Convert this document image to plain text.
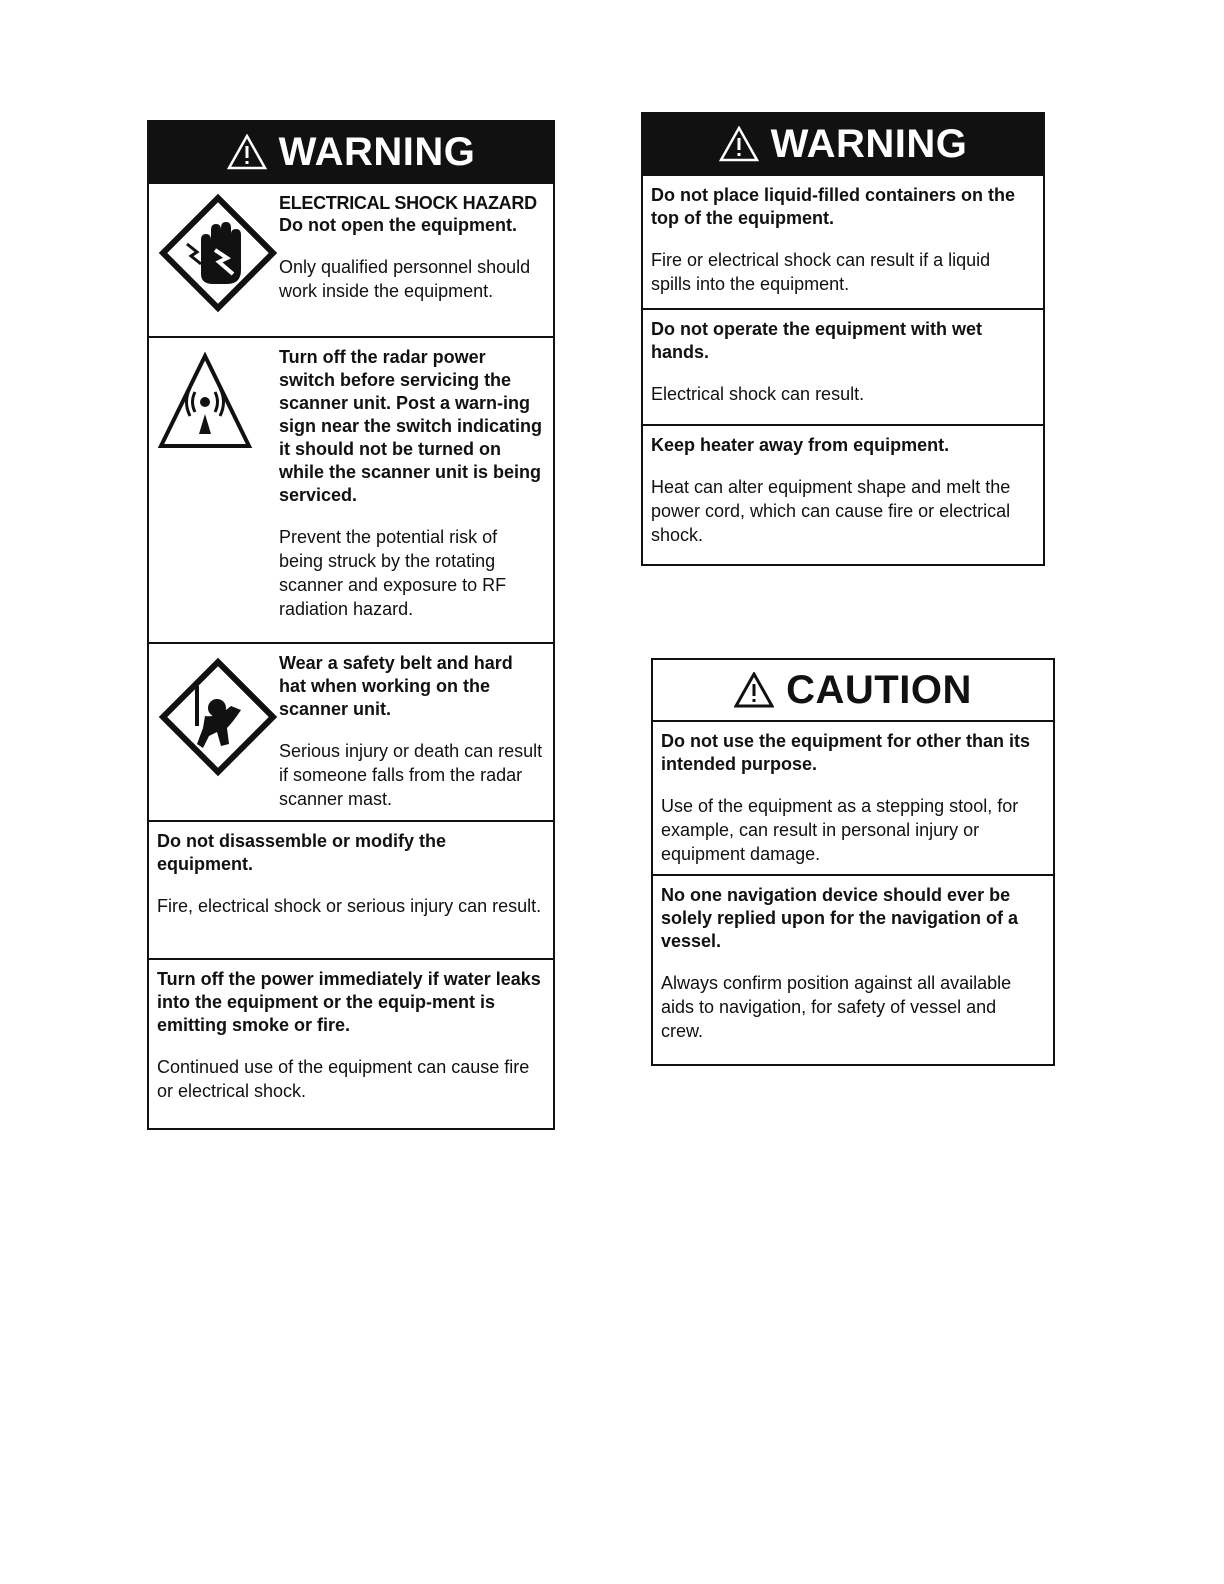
WARNING
ELECTRICAL SHOCK HAZARD
Do not open the equipment.
Only qualified personnel should work inside the equipment.
Turn off the radar power switch before servicing the scanner unit. Post a warn-ing sign near the switch indicating it should not be turned on while the scanner unit is being serviced.
Prevent the potential risk of being struck by the rotating scanner and exposure to RF radiation hazard.
Wear a safety belt and hard hat when working on the scanner unit.
Serious injury or death can result if someone falls from the radar scanner mast.
Do not disassemble or modify the equipment.
Fire, electrical shock or serious injury can result.
Turn off the power immediately if water leaks into the equipment or the equip-ment is emitting smoke or fire.
Continued use of the equipment can cause fire or electrical shock.
WARNING
Do not place liquid-filled containers on the top of the equipment.
Fire or electrical shock can result if a liquid spills into the equipment.
Do not operate the equipment with wet hands.
Electrical shock can result.
Keep heater away from equipment.
Heat can alter equipment shape and melt the power cord, which can cause fire or electrical shock.
CAUTION
Do not use the equipment for other than its intended purpose.
Use of the equipment as a stepping stool, for example, can result in personal injury or equipment damage.
No one navigation device should ever be solely replied upon for the navigation of a vessel.
Always confirm position against all available aids to navigation, for safety of vessel and crew.
